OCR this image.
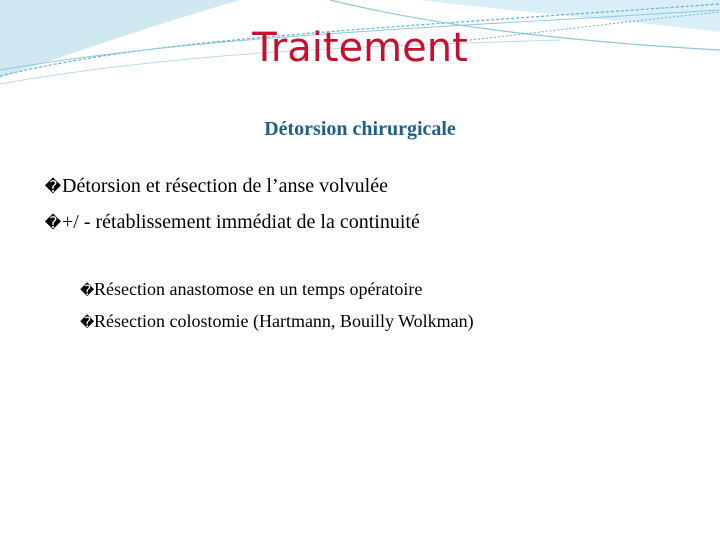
Traitement
Détorsion chirurgicale
�Détorsion et résection de l’anse volvulée
�+/ - rétablissement immédiat de la continuité
�Résection anastomose en un temps opératoire
�Résection colostomie (Hartmann, Bouilly Wolkman)
